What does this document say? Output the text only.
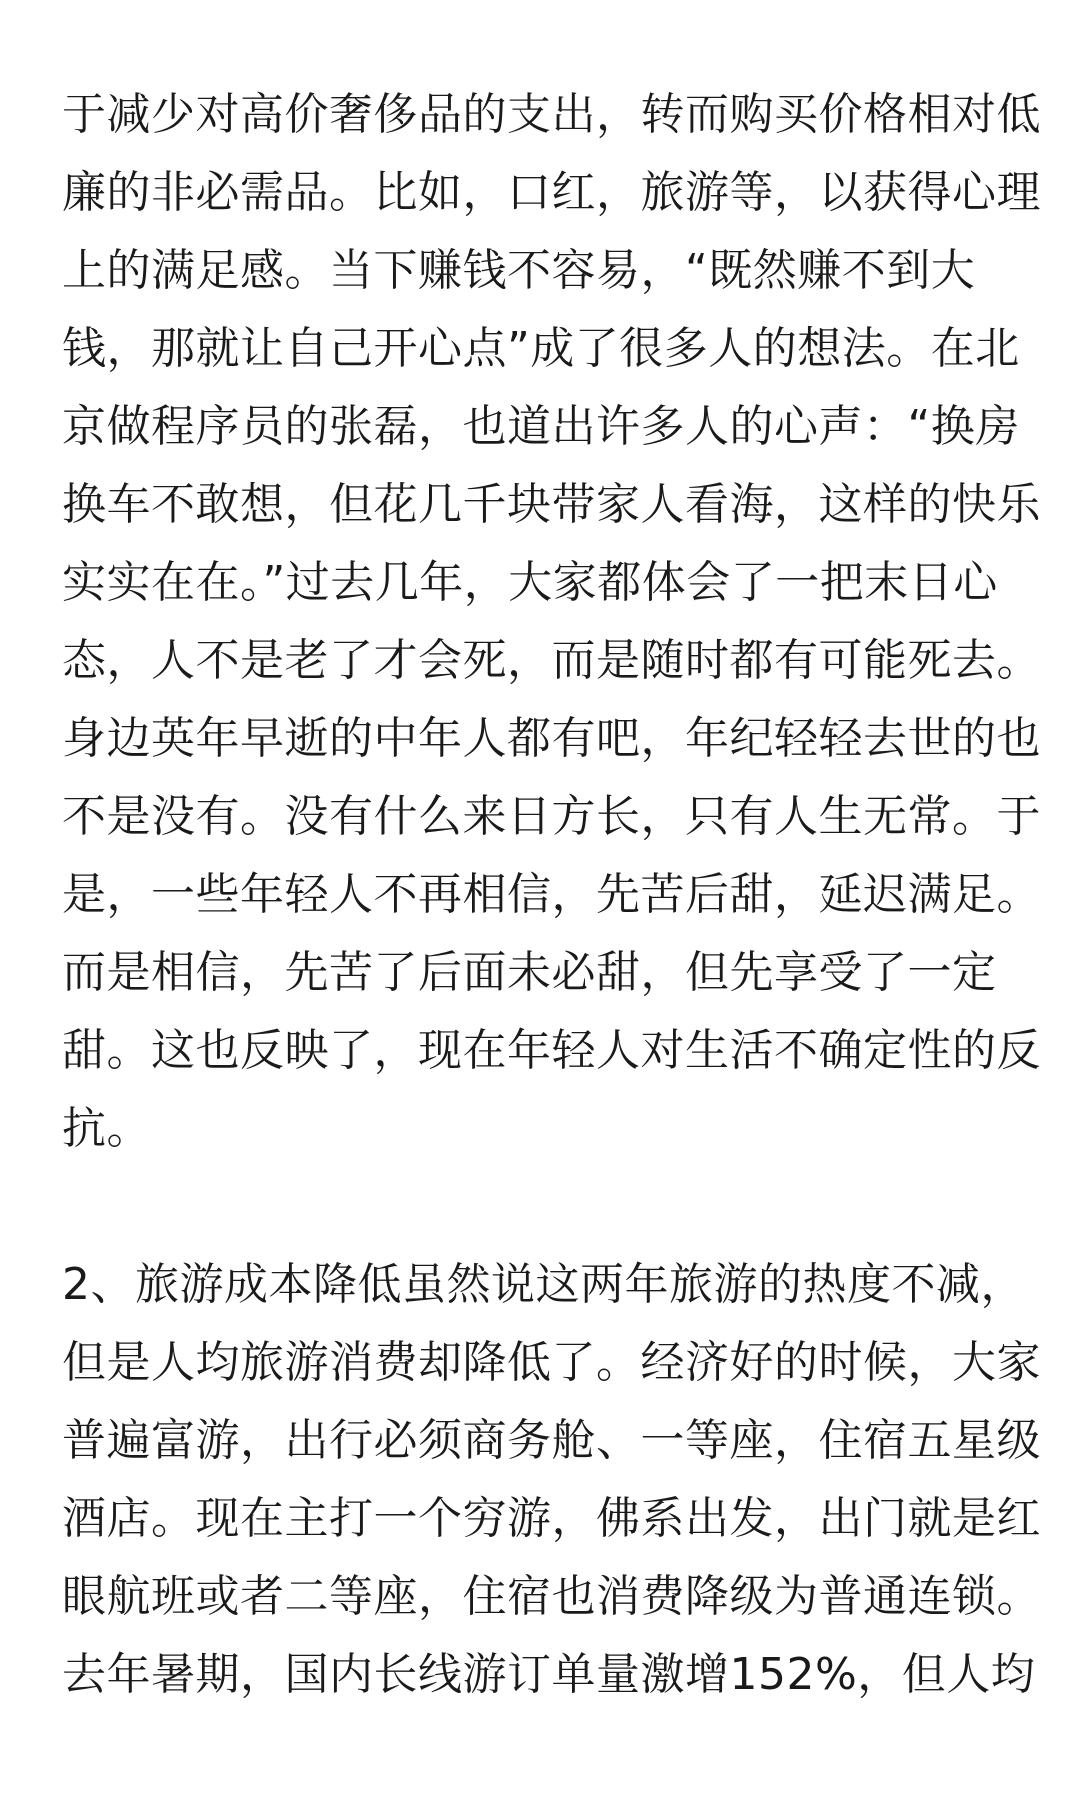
于减少对高价奢侈品的支出，转而购买价格相对低
廉的非必需品。比如，口红，旅游等，以获得心理
上的满足感。当下赚钱不容易，“既然赚不到大
钱，那就让自己开心点”成了很多人的想法。在北
京做程序员的张磊，也道出许多人的心声：“换房
换车不敢想，但花几千块带家人看海，这样的快乐
实实在在。”过去几年，大家都体会了一把末日心
态，人不是老了才会死，而是随时都有可能死去。
身边英年早逝的中年人都有吧，年纪轻轻去世的也
不是没有。没有什么来日方长，只有人生无常。于
是，一些年轻人不再相信，先苦后甜，延迟满足。
而是相信，先苦了后面未必甜，但先享受了一定
甜。这也反映了，现在年轻人对生活不确定性的反
抗。
2、旅游成本降低虽然说这两年旅游的热度不减，
但是人均旅游消费却降低了。经济好的时候，大家
普遍富游，出行必须商务舱、一等座，住宿五星级
酒店。现在主打一个穷游，佛系出发，出门就是红
眼航班或者二等座，住宿也消费降级为普通连锁。
去年暑期，国内长线游订单量激增152%，但人均
